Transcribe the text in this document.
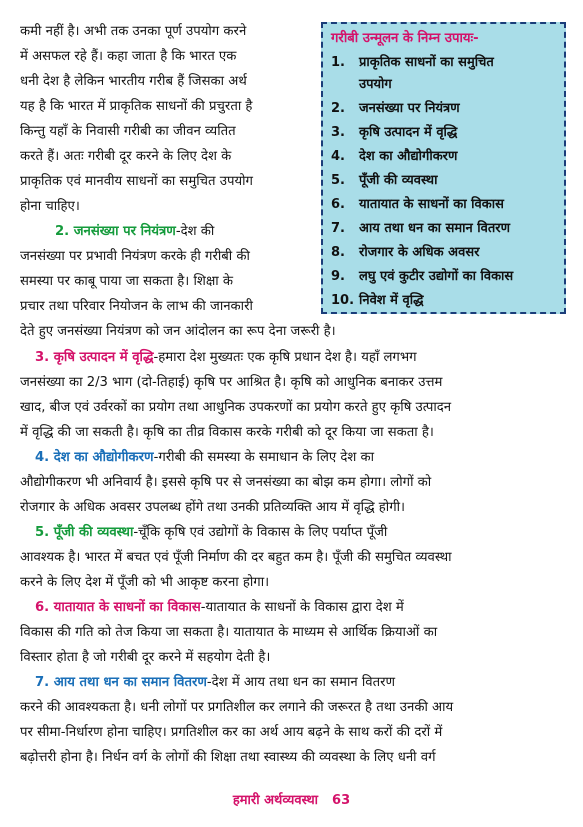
कमी नहीं है। अभी तक उनका पूर्ण उपयोग करने
में असफल रहे हैं। कहा जाता है कि भारत एक
धनी देश है लेकिन भारतीय गरीब हैं जिसका अर्थ
यह है कि भारत में प्राकृतिक साधनों की प्रचुरता है
किन्तु यहाँ के निवासी गरीबी का जीवन व्यतित
करते हैं। अतः गरीबी दूर करने के लिए देश के
प्राकृतिक एवं मानवीय साधनों का समुचित उपयोग
होना चाहिए।
2. जनसंख्या पर नियंत्रण-देश की
जनसंख्या पर प्रभावी नियंत्रण करके ही गरीबी की
समस्या पर काबू पाया जा सकता है। शिक्षा के
प्रचार तथा परिवार नियोजन के लाभ की जानकारी
देते हुए जनसंख्या नियंत्रण को जन आंदोलन का रूप देना जरूरी है।
3. कृषि उत्पादन में वृद्धि-हमारा देश मुख्यतः एक कृषि प्रधान देश है। यहाँ लगभग
जनसंख्या का 2/3 भाग (दो-तिहाई) कृषि पर आश्रित है। कृषि को आधुनिक बनाकर उत्तम
खाद, बीज एवं उर्वरकों का प्रयोग तथा आधुनिक उपकरणों का प्रयोग करते हुए कृषि उत्पादन
में वृद्धि की जा सकती है। कृषि का तीव्र विकास करके गरीबी को दूर किया जा सकता है।
4. देश का औद्योगीकरण-गरीबी की समस्या के समाधान के लिए देश का
औद्योगीकरण भी अनिवार्य है। इससे कृषि पर से जनसंख्या का बोझ कम होगा। लोगों को
रोजगार के अधिक अवसर उपलब्ध होंगे तथा उनकी प्रतिव्यक्ति आय में वृद्धि होगी।
5. पूँजी की व्यवस्था-चूँकि कृषि एवं उद्योगों के विकास के लिए पर्याप्त पूँजी
आवश्यक है। भारत में बचत एवं पूँजी निर्माण की दर बहुत कम है। पूँजी की समुचित व्यवस्था
करने के लिए देश में पूँजी को भी आकृष्ट करना होगा।
6. यातायात के साधनों का विकास-यातायात के साधनों के विकास द्वारा देश में
विकास की गति को तेज किया जा सकता है। यातायात के माध्यम से आर्थिक क्रियाओं का
विस्तार होता है जो गरीबी दूर करने में सहयोग देती है।
7. आय तथा धन का समान वितरण-देश में आय तथा धन का समान वितरण
करने की आवश्यकता है। धनी लोगों पर प्रगतिशील कर लगाने की जरूरत है तथा उनकी आय
पर सीमा-निर्धारण होना चाहिए। प्रगतिशील कर का अर्थ आय बढ़ने के साथ करों की दरों में
बढ़ोत्तरी होना है। निर्धन वर्ग के लोगों की शिक्षा तथा स्वास्थ्य की व्यवस्था के लिए धनी वर्ग
गरीबी उन्मूलन के निम्न उपायः-
1. प्राकृतिक साधनों का समुचित
उपयोग
2. जनसंख्या पर नियंत्रण
3. कृषि उत्पादन में वृद्धि
4. देश का औद्योगीकरण
5. पूँजी की व्यवस्था
6. यातायात के साधनों का विकास
7. आय तथा धन का समान वितरण
8. रोजगार के अधिक अवसर
9. लघु एवं कुटीर उद्योगों का विकास
10. निवेश में वृद्धि
हमारी अर्थव्यवस्था 63
